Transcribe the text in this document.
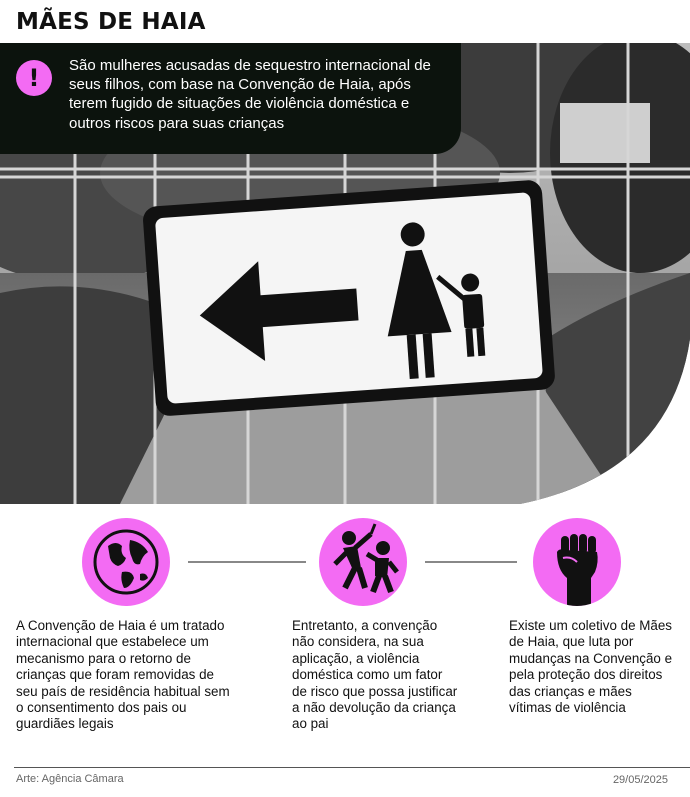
MÃES DE HAIA
!	São mulheres acusadas de sequestro internacional de seus filhos, com base na Convenção de Haia, após terem fugido de situações de violência doméstica e outros riscos para suas crianças
A Convenção de Haia é um tratado internacional que estabelece um mecanismo para o retorno de crianças que foram removidas de seu país de residência habitual sem o consentimento dos pais ou guardiães legais
Entretanto, a convenção não considera, na sua aplicação, a violência doméstica como um fator de risco que possa justificar a não devolução da criança ao pai
Existe um coletivo de Mães de Haia, que luta por mudanças na Convenção e pela proteção dos direitos das crianças e mães vítimas de violência
Arte: Agência Câmara	29/05/2025
